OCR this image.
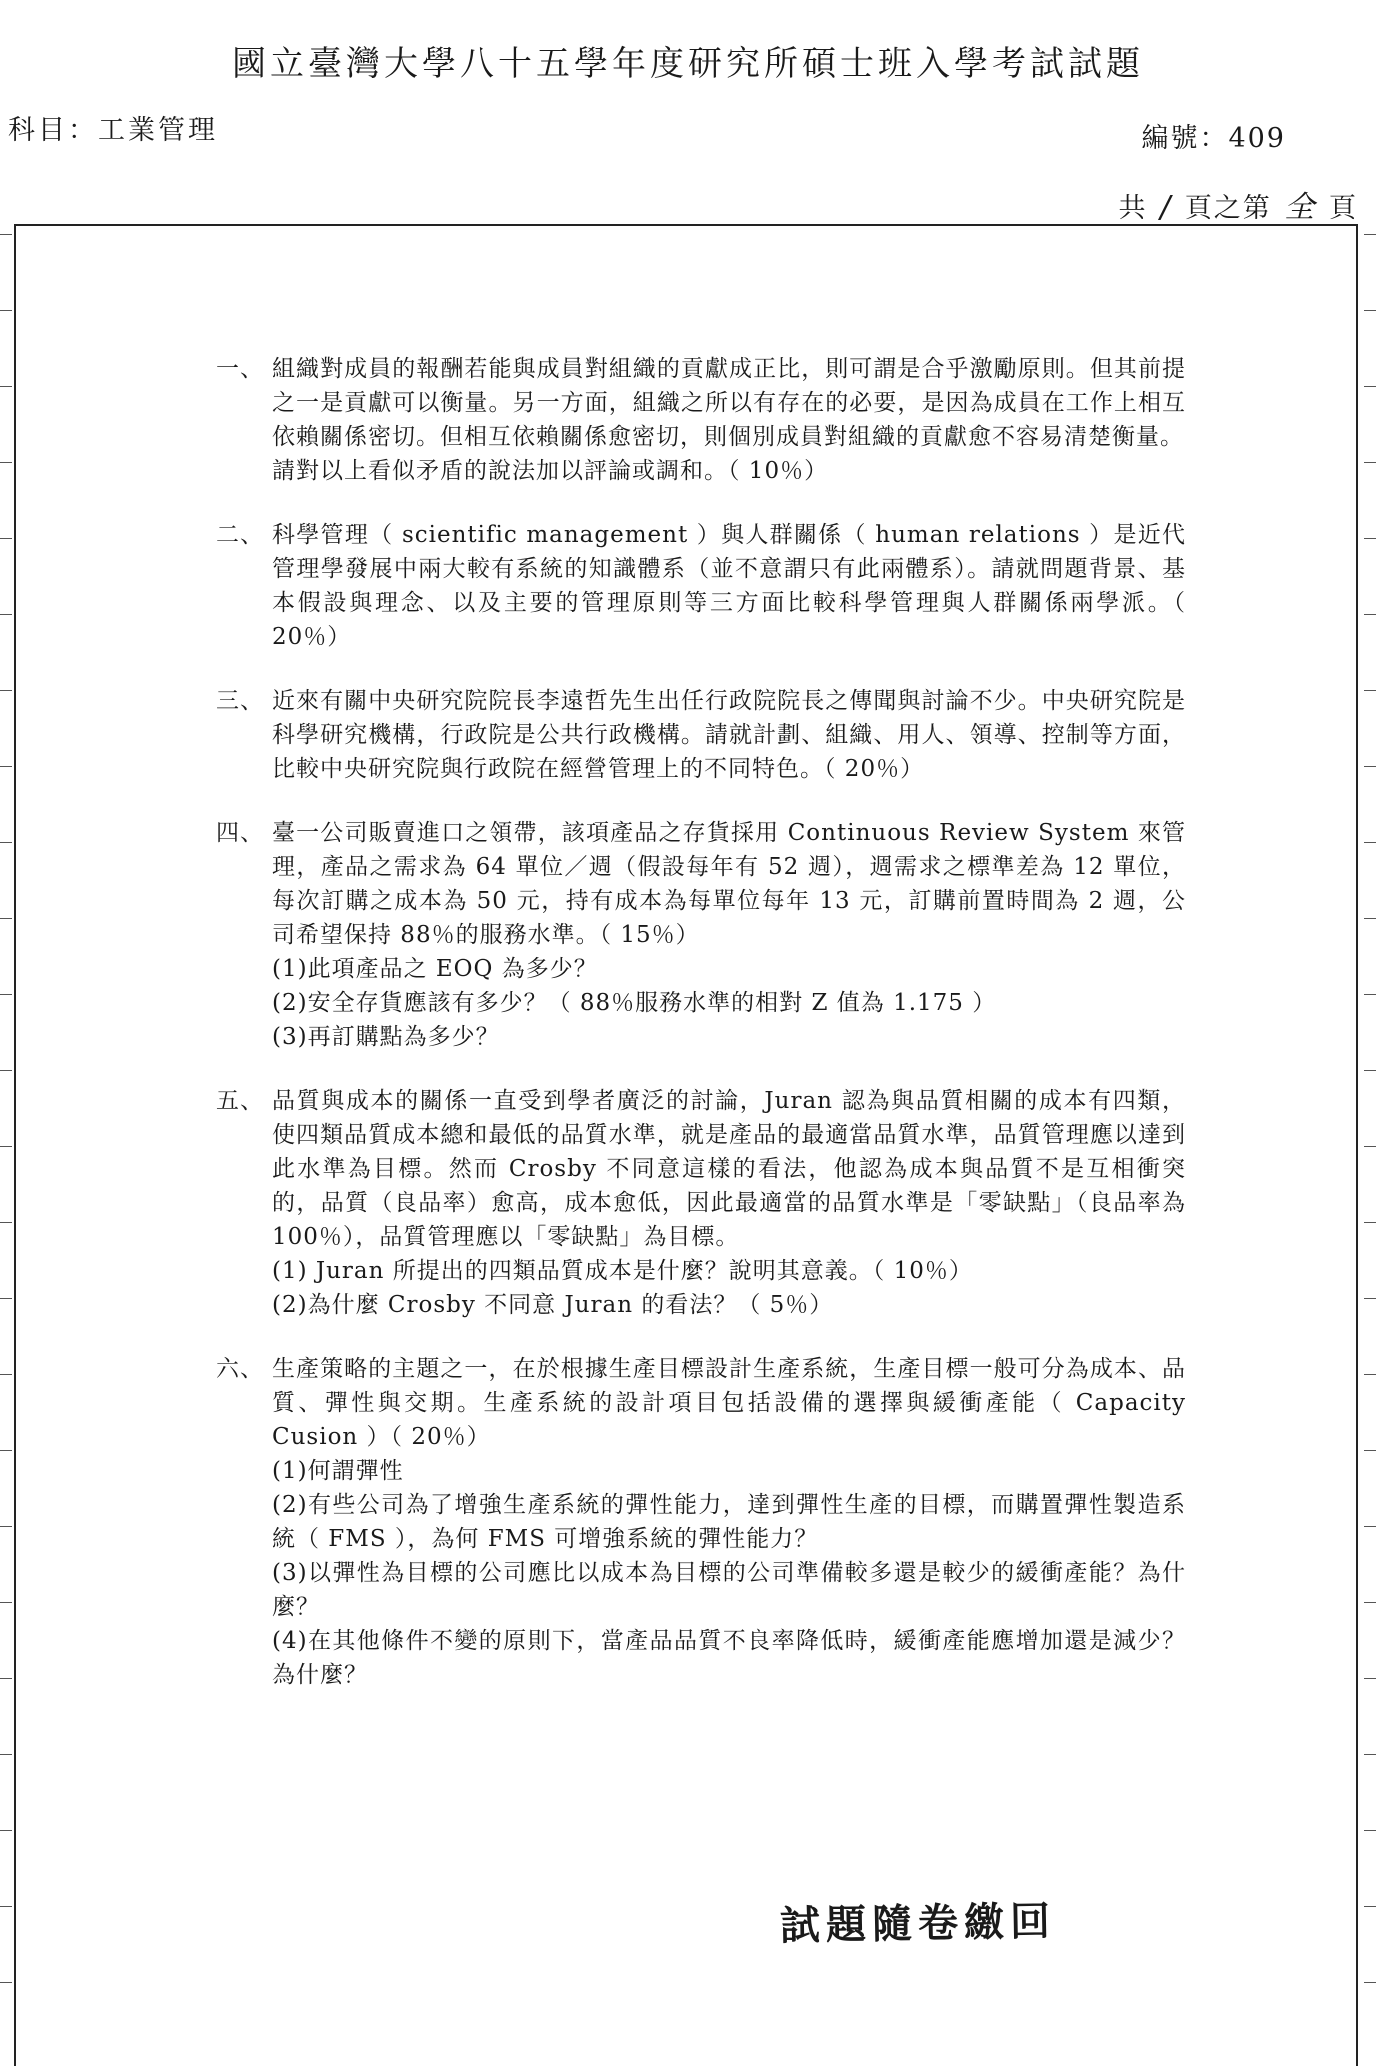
國立臺灣大學八十五學年度研究所碩士班入學考試試題
科目：工業管理	編號：409
共 / 頁之第 全 頁
一、 組織對成員的報酬若能與成員對組織的貢獻成正比，則可謂是合乎激勵原則。但其前提之一是貢獻可以衡量。另一方面，組織之所以有存在的必要，是因為成員在工作上相互依賴關係密切。但相互依賴關係愈密切，則個別成員對組織的貢獻愈不容易清楚衡量。

請對以上看似矛盾的說法加以評論或調和。（ 10％）

二、 科學管理（ scientific management ）與人群關係（ human relations ）是近代管理學發展中兩大較有系統的知識體系（並不意謂只有此兩體系）。請就問題背景、基本假設與理念、以及主要的管理原則等三方面比較科學管理與人群關係兩學派。（ 20％）

三、 近來有關中央研究院院長李遠哲先生出任行政院院長之傳聞與討論不少。中央研究院是科學研究機構，行政院是公共行政機構。請就計劃、組織、用人、領導、控制等方面，比較中央研究院與行政院在經營管理上的不同特色。（ 20％）

四、 臺一公司販賣進口之領帶，該項產品之存貨採用 Continuous Review System 來管理，產品之需求為 64 單位／週（假設每年有 52 週），週需求之標準差為 12 單位，每次訂購之成本為 50 元，持有成本為每單位每年 13 元，訂購前置時間為 2 週，公司希望保持 88％的服務水準。（ 15％）

(1)此項產品之 EOQ 為多少？

(2)安全存貨應該有多少？（ 88％服務水準的相對 Z 值為 1.175 ）

(3)再訂購點為多少？

五、 品質與成本的關係一直受到學者廣泛的討論，Juran 認為與品質相關的成本有四類，使四類品質成本總和最低的品質水準，就是產品的最適當品質水準，品質管理應以達到此水準為目標。然而 Crosby 不同意這樣的看法，他認為成本與品質不是互相衝突的，品質（良品率）愈高，成本愈低，因此最適當的品質水準是「零缺點」（良品率為 100％），品質管理應以「零缺點」為目標。

(1) Juran 所提出的四類品質成本是什麼？說明其意義。（ 10％）

(2)為什麼 Crosby 不同意 Juran 的看法？（ 5％）

六、 生產策略的主題之一，在於根據生產目標設計生產系統，生產目標一般可分為成本、品質、彈性與交期。生產系統的設計項目包括設備的選擇與緩衝產能（ Capacity Cusion ）（ 20％）

(1)何謂彈性

(2)有些公司為了增強生產系統的彈性能力，達到彈性生產的目標，而購置彈性製造系統（ FMS ），為何 FMS 可增強系統的彈性能力？

(3)以彈性為目標的公司應比以成本為目標的公司準備較多還是較少的緩衝產能？為什麼？

(4)在其他條件不變的原則下，當產品品質不良率降低時，緩衝產能應增加還是減少？為什麼？

試題隨卷繳回
